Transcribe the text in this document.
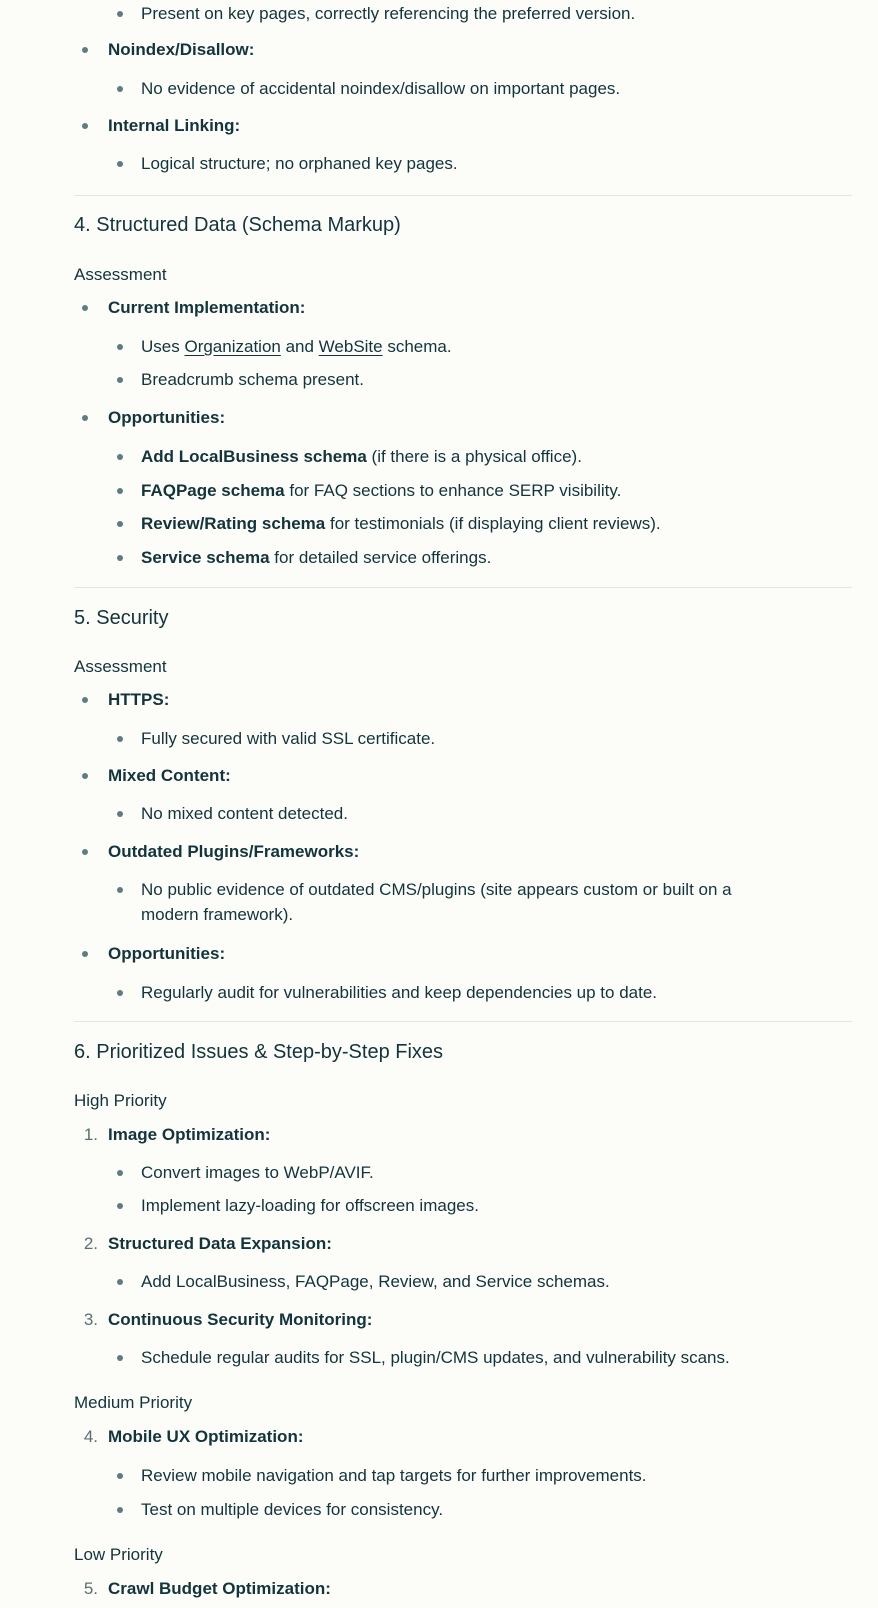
Present on key pages, correctly referencing the preferred version.
Noindex/Disallow:
No evidence of accidental noindex/disallow on important pages.
Internal Linking:
Logical structure; no orphaned key pages.
4. Structured Data (Schema Markup)
Assessment
Current Implementation:
Uses Organization and WebSite schema.
Breadcrumb schema present.
Opportunities:
Add LocalBusiness schema (if there is a physical office).
FAQPage schema for FAQ sections to enhance SERP visibility.
Review/Rating schema for testimonials (if displaying client reviews).
Service schema for detailed service offerings.
5. Security
Assessment
HTTPS:
Fully secured with valid SSL certificate.
Mixed Content:
No mixed content detected.
Outdated Plugins/Frameworks:
No public evidence of outdated CMS/plugins (site appears custom or built on a
modern framework).
Opportunities:
Regularly audit for vulnerabilities and keep dependencies up to date.
6. Prioritized Issues & Step-by-Step Fixes
High Priority
1. Image Optimization:
Convert images to WebP/AVIF.
Implement lazy-loading for offscreen images.
2. Structured Data Expansion:
Add LocalBusiness, FAQPage, Review, and Service schemas.
3. Continuous Security Monitoring:
Schedule regular audits for SSL, plugin/CMS updates, and vulnerability scans.
Medium Priority
4. Mobile UX Optimization:
Review mobile navigation and tap targets for further improvements.
Test on multiple devices for consistency.
Low Priority
5. Crawl Budget Optimization:
